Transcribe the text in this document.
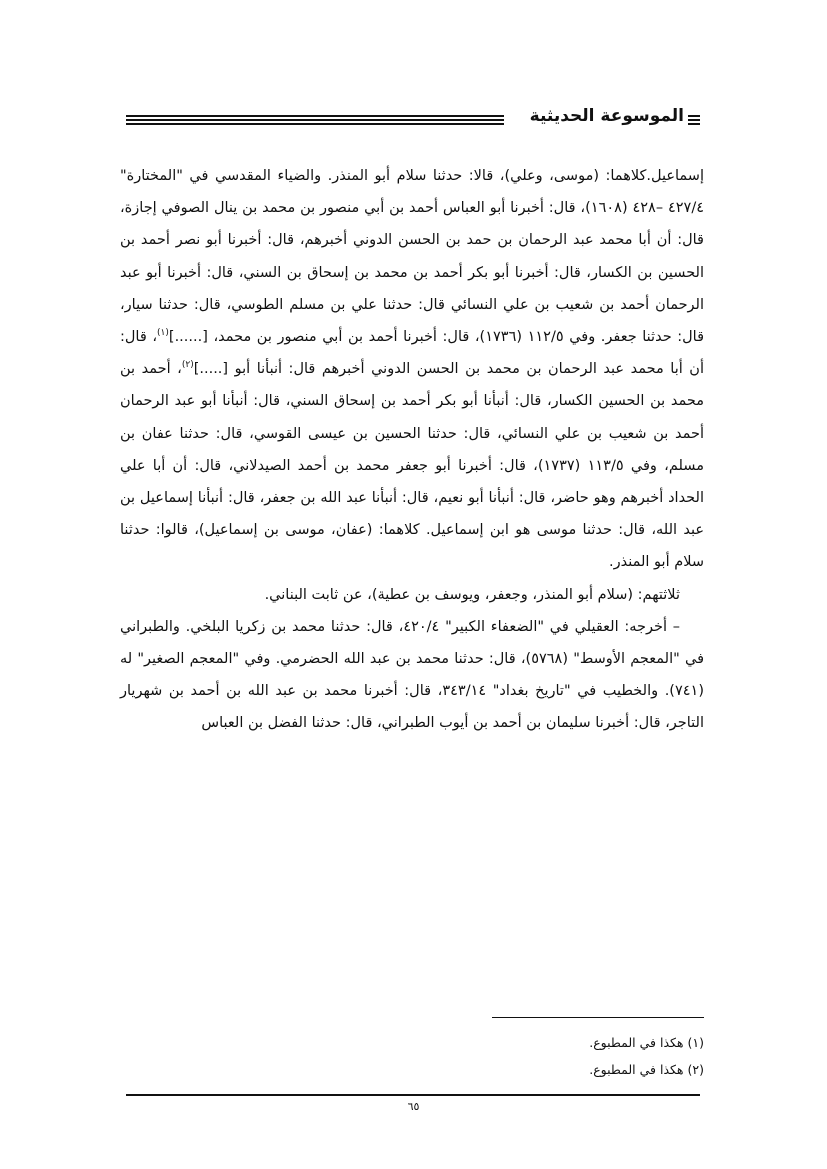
الموسوعة الحديثية

إسماعيل.كلاهما: (موسى، وعلي)، قالا: حدثنا سلام أبو المنذر. والضياء المقدسي في "المختارة" ٤٢٧/٤ –٤٢٨ (١٦٠٨)، قال: أخبرنا أبو العباس أحمد بن أبي منصور بن محمد بن ينال الصوفي إجازة، قال: أن أبا محمد عبد الرحمان بن حمد بن الحسن الدوني أخبرهم، قال: أخبرنا أبو نصر أحمد بن الحسين بن الكسار، قال: أخبرنا أبو بكر أحمد بن محمد بن إسحاق بن السني، قال: أخبرنا أبو عبد الرحمان أحمد بن شعيب بن علي النسائي قال: حدثنا علي بن مسلم الطوسي، قال: حدثنا سيار، قال: حدثنا جعفر. وفي ١١٢/٥ (١٧٣٦)، قال: أخبرنا أحمد بن أبي منصور بن محمد، [......]$^{(١)}$، قال: أن أبا محمد عبد الرحمان بن محمد بن الحسن الدوني أخبرهم قال: أنبأنا أبو [.....]$^{(٢)}$، أحمد بن محمد بن الحسين الكسار، قال: أنبأنا أبو بكر أحمد بن إسحاق السني، قال: أنبأنا أبو عبد الرحمان أحمد بن شعيب بن علي النسائي، قال: حدثنا الحسين بن عيسى القوسي، قال: حدثنا عفان بن مسلم، وفي ١١٣/٥ (١٧٣٧)، قال: أخبرنا أبو جعفر محمد بن أحمد الصيدلاني، قال: أن أبا علي الحداد أخبرهم وهو حاضر، قال: أنبأنا أبو نعيم، قال: أنبأنا عبد الله بن جعفر، قال: أنبأنا إسماعيل بن عبد الله، قال: حدثنا موسى هو ابن إسماعيل. كلاهما: (عفان، موسى بن إسماعيل)، قالوا: حدثنا سلام أبو المنذر.

ثلاثتهم: (سلام أبو المنذر، وجعفر، ويوسف بن عطية)، عن ثابت البناني.

– أخرجه: العقيلي في "الضعفاء الكبير" ٤٢٠/٤، قال: حدثنا محمد بن زكريا البلخي. والطبراني في "المعجم الأوسط" (٥٧٦٨)، قال: حدثنا محمد بن عبد الله الحضرمي. وفي "المعجم الصغير" له (٧٤١). والخطيب في "تاريخ بغداد" ٣٤٣/١٤، قال: أخبرنا محمد بن عبد الله بن أحمد بن شهريار التاجر، قال: أخبرنا سليمان بن أحمد بن أيوب الطبراني، قال: حدثنا الفضل بن العباس

(١) هكذا في المطبوع.
(٢) هكذا في المطبوع.
٦٥
